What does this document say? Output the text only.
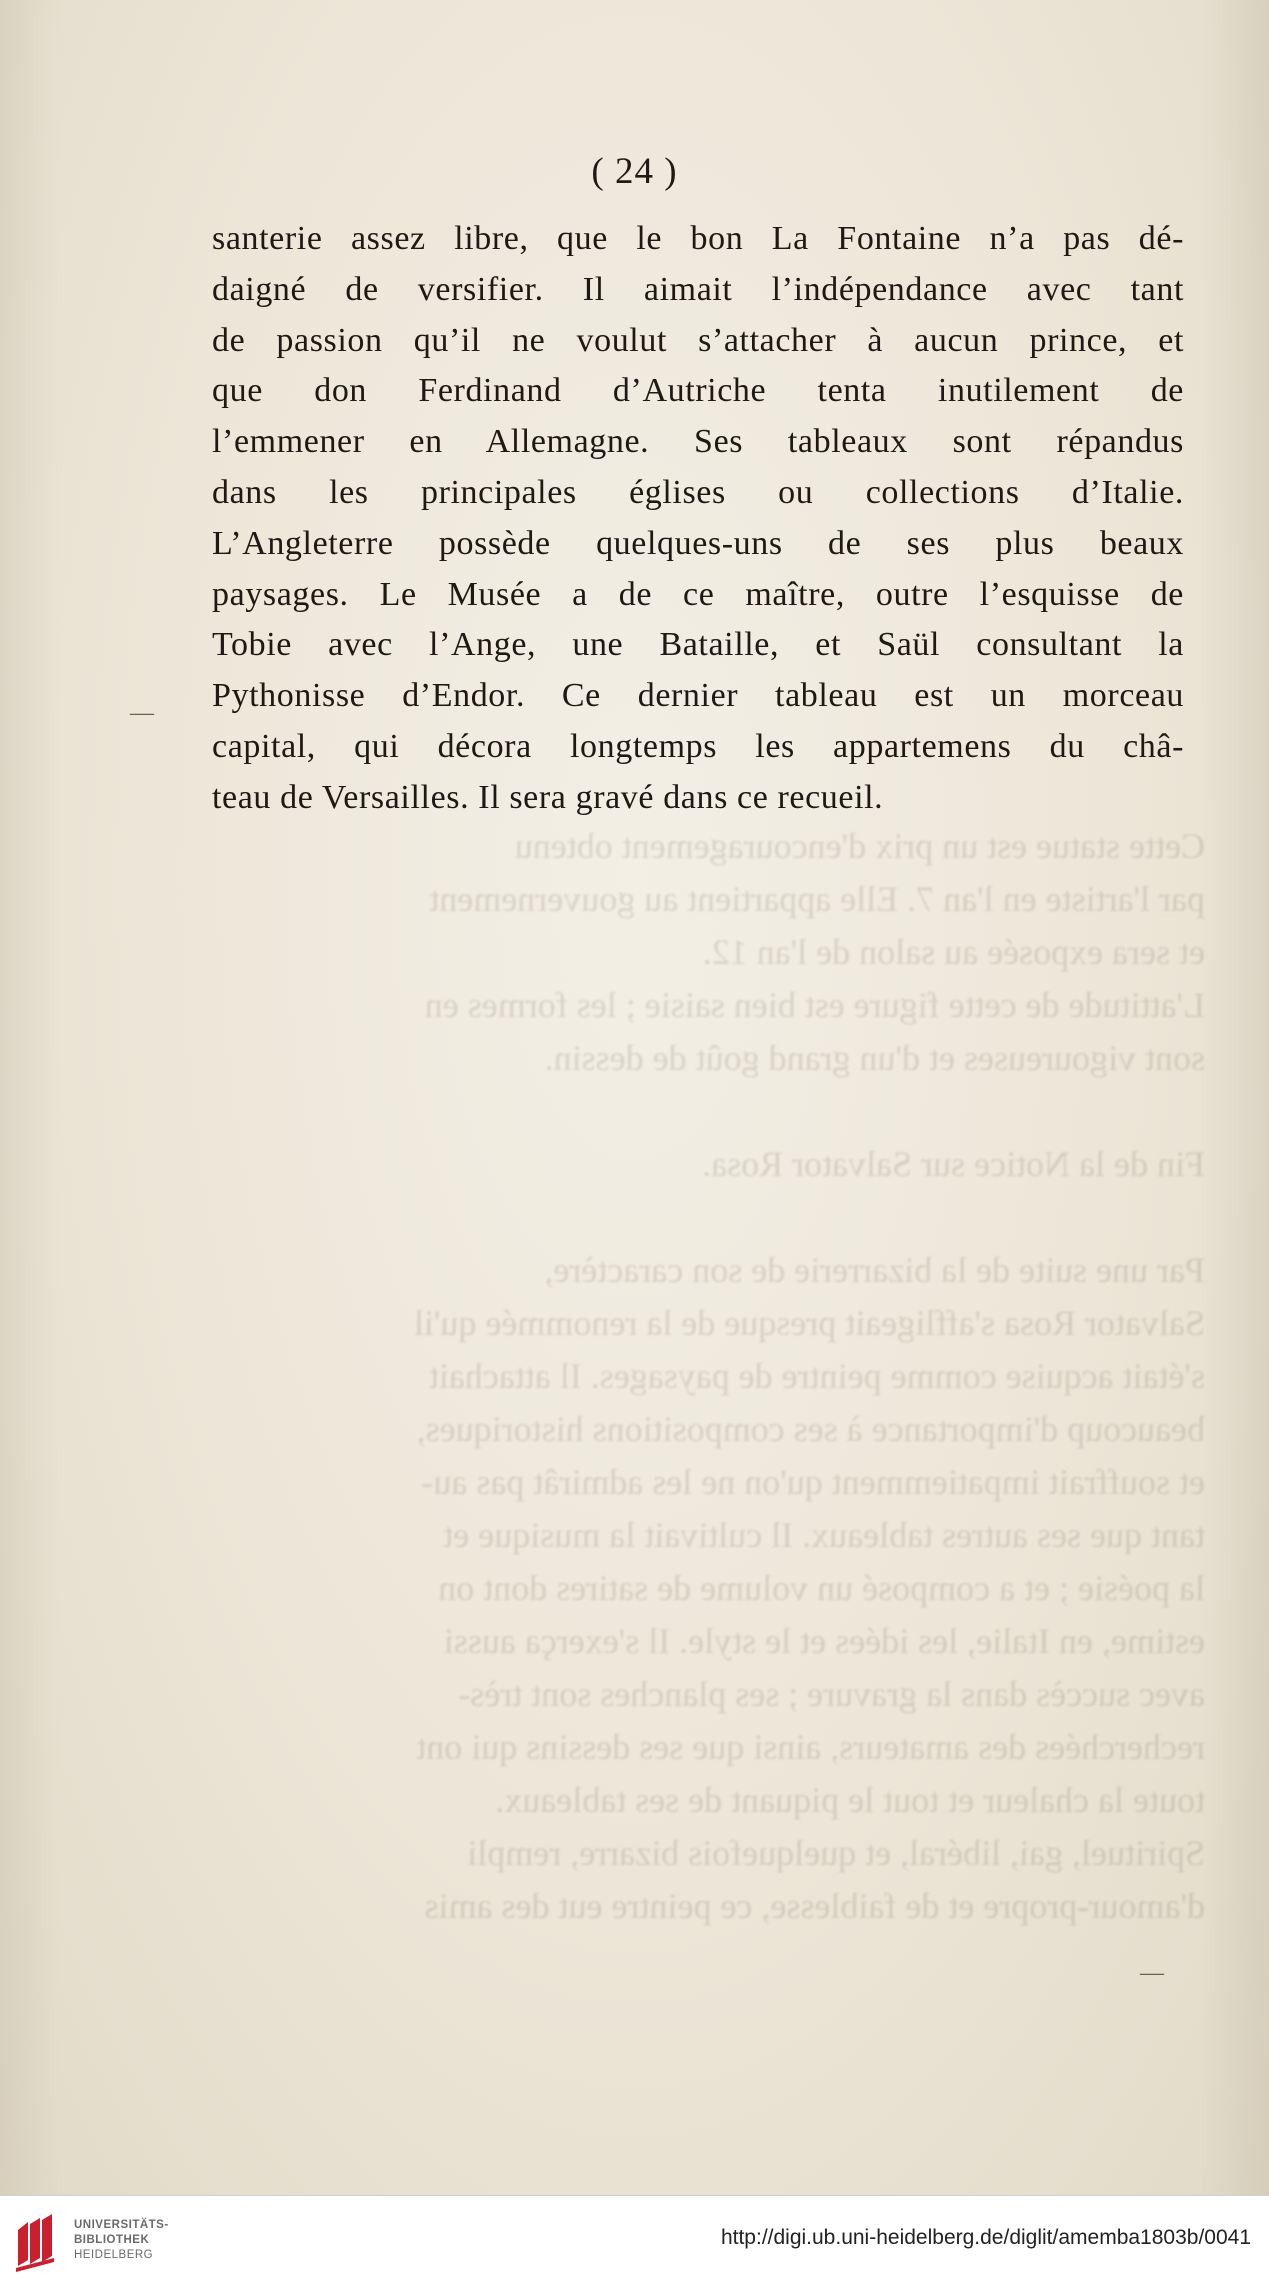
Cette statue est un prix d'encouragement obtenu
par l'artiste en l'an 7. Elle appartient au gouvernement
et sera exposée au salon de l'an 12.
L'attitude de cette figure est bien saisie ; les formes en
sont vigoureuses et d'un grand goût de dessin.

Fin de la Notice sur Salvator Rosa.

Par une suite de la bizarrerie de son caractère,
Salvator Rosa s'affligeait presque de la renommée qu'il
s'était acquise comme peintre de paysages. Il attachait
beaucoup d'importance à ses compositions historiques,
et souffrait impatiemment qu'on ne les admirât pas au-
tant que ses autres tableaux. Il cultivait la musique et
la poésie ; et a composé un volume de satires dont on
estime, en Italie, les idées et le style. Il s'exerça aussi
avec succès dans la gravure ; ses planches sont très-
recherchées des amateurs, ainsi que ses dessins qui ont
toute la chaleur et tout le piquant de ses tableaux.
Spirituel, gai, libéral, et quelquefois bizarre, rempli
d'amour-propre et de faiblesse, ce peintre eut des amis
( 24 )
santerie assez libre, que le bon La Fontaine n’a pas dé-
daigné de versifier. Il aimait l’indépendance avec tant
de passion qu’il ne voulut s’attacher à aucun prince, et
que don Ferdinand d’Autriche tenta inutilement de
l’emmener en Allemagne. Ses tableaux sont répandus
dans les principales églises ou collections d’Italie.
L’Angleterre possède quelques-uns de ses plus beaux
paysages. Le Musée a de ce maître, outre l’esquisse de
Tobie avec l’Ange, une Bataille, et Saül consultant la
Pythonisse d’Endor. Ce dernier tableau est un morceau
capital, qui décora longtemps les appartemens du châ-
teau de Versailles. Il sera gravé dans ce recueil.
—
—
UNIVERSITÄTS-
BIBLIOTHEK
HEIDELBERG
http://digi.ub.uni-heidelberg.de/diglit/amemba1803b/0041
